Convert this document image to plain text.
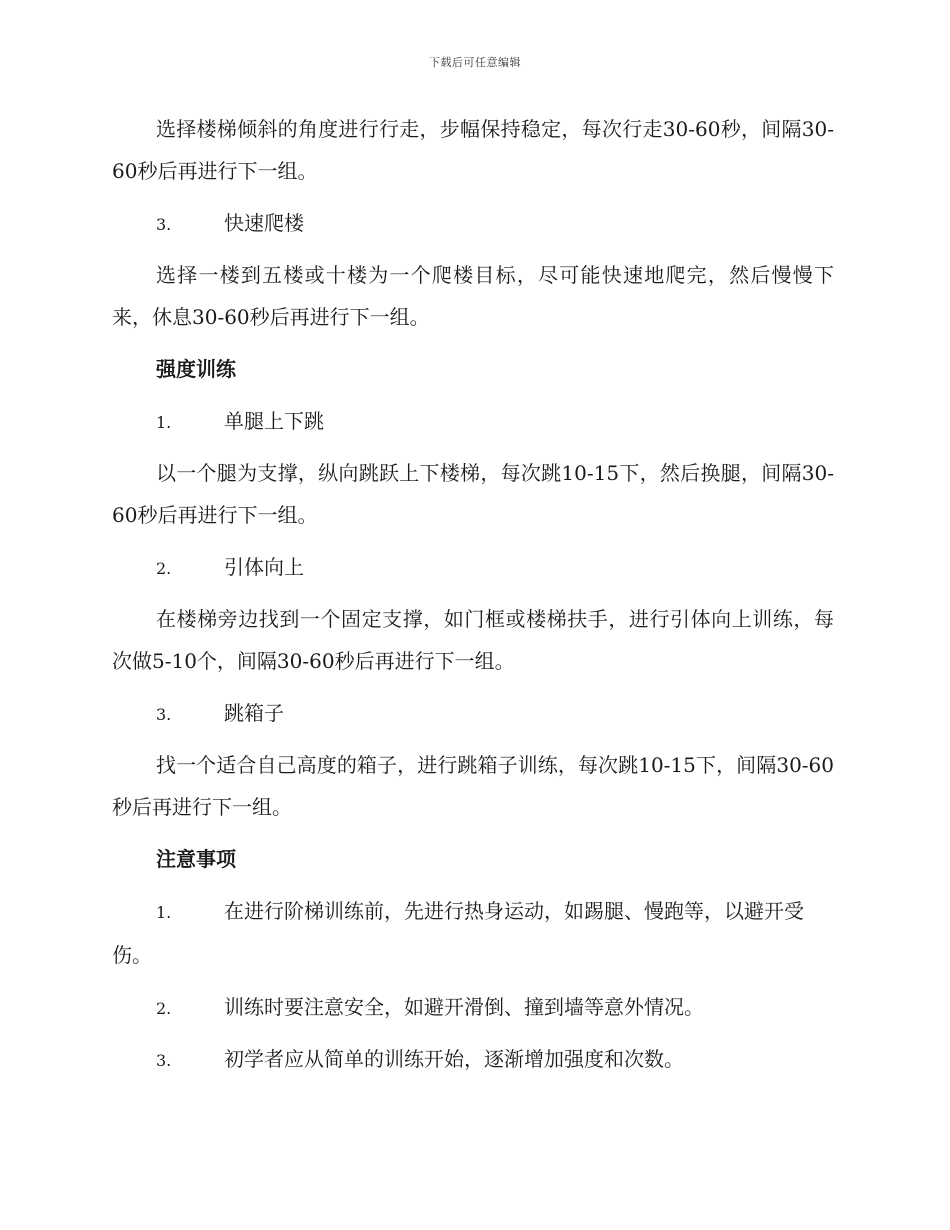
下载后可任意编辑

选择楼梯倾斜的角度进行行走，步幅保持稳定，每次行走30-60秒，间隔30-60秒后再进行下一组。

3.	快速爬楼

选择一楼到五楼或十楼为一个爬楼目标，尽可能快速地爬完，然后慢慢下来，休息30-60秒后再进行下一组。

强度训练
1.	单腿上下跳

以一个腿为支撑，纵向跳跃上下楼梯，每次跳10-15下，然后换腿，间隔30-60秒后再进行下一组。

2.	引体向上

在楼梯旁边找到一个固定支撑，如门框或楼梯扶手，进行引体向上训练，每次做5-10个，间隔30-60秒后再进行下一组。

3.	跳箱子

找一个适合自己高度的箱子，进行跳箱子训练，每次跳10-15下，间隔30-60秒后再进行下一组。

注意事项
1.	在进行阶梯训练前，先进行热身运动，如踢腿、慢跑等，以避开受伤。
2.	训练时要注意安全，如避开滑倒、撞到墙等意外情况。
3.	初学者应从简单的训练开始，逐渐增加强度和次数。
